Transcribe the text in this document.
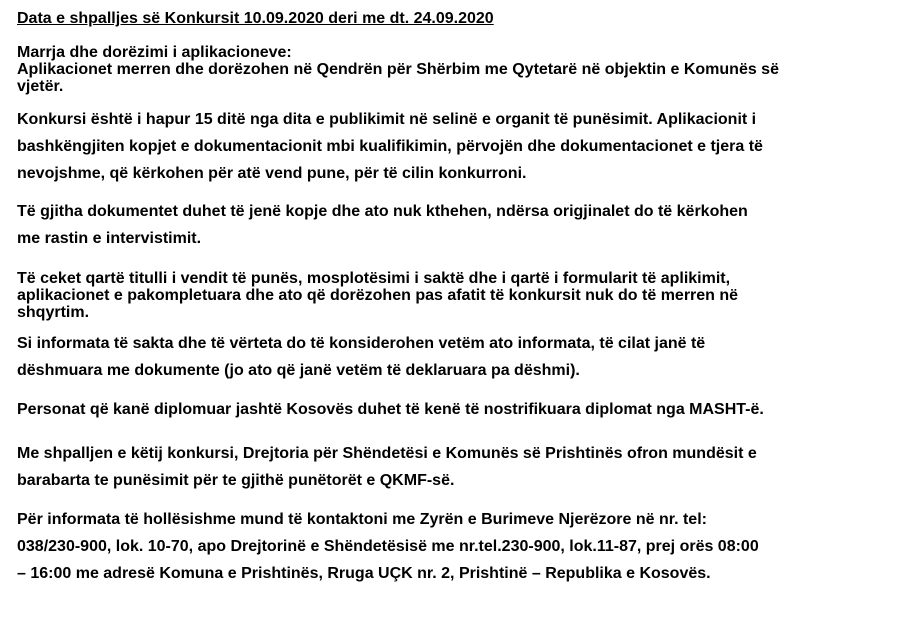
Data e shpalljes së Konkursit 10.09.2020 deri me dt. 24.09.2020

Marrja dhe dorëzimi i aplikacioneve:
Aplikacionet merren dhe dorëzohen në Qendrën për Shërbim me Qytetarë në objektin e Komunës së
vjetër.

Konkursi është i hapur 15 ditë nga dita e publikimit në selinë e organit të punësimit. Aplikacionit i
bashkëngjiten kopjet e dokumentacionit mbi kualifikimin, përvojën dhe dokumentacionet e tjera të
nevojshme, që kërkohen për atë vend pune, për të cilin konkurroni.

Të gjitha dokumentet duhet të jenë kopje dhe ato nuk kthehen, ndërsa origjinalet do të kërkohen
me rastin e intervistimit.

Të ceket qartë titulli i vendit të punës, mosplotësimi i saktë dhe i qartë i formularit të aplikimit,
aplikacionet e pakompletuara dhe ato që dorëzohen pas afatit të konkursit nuk do të merren në
shqyrtim.

Si informata të sakta dhe të vërteta do të konsiderohen vetëm ato informata, të cilat janë të
dëshmuara me dokumente (jo ato që janë vetëm të deklaruara pa dëshmi).

Personat që kanë diplomuar jashtë Kosovës duhet të kenë të nostrifikuara diplomat nga MASHT-ë.

Me shpalljen e këtij konkursi, Drejtoria për Shëndetësi e Komunës së Prishtinës ofron mundësit e
barabarta te punësimit për te gjithë punëtorët e QKMF-së.

Për informata të hollësishme mund të kontaktoni me Zyrën e Burimeve Njerëzore në nr. tel:
038/230-900, lok. 10-70, apo Drejtorinë e Shëndetësisë me nr.tel.230-900, lok.11-87, prej orës 08:00
– 16:00 me adresë Komuna e Prishtinës, Rruga UÇK nr. 2, Prishtinë – Republika e Kosovës.
